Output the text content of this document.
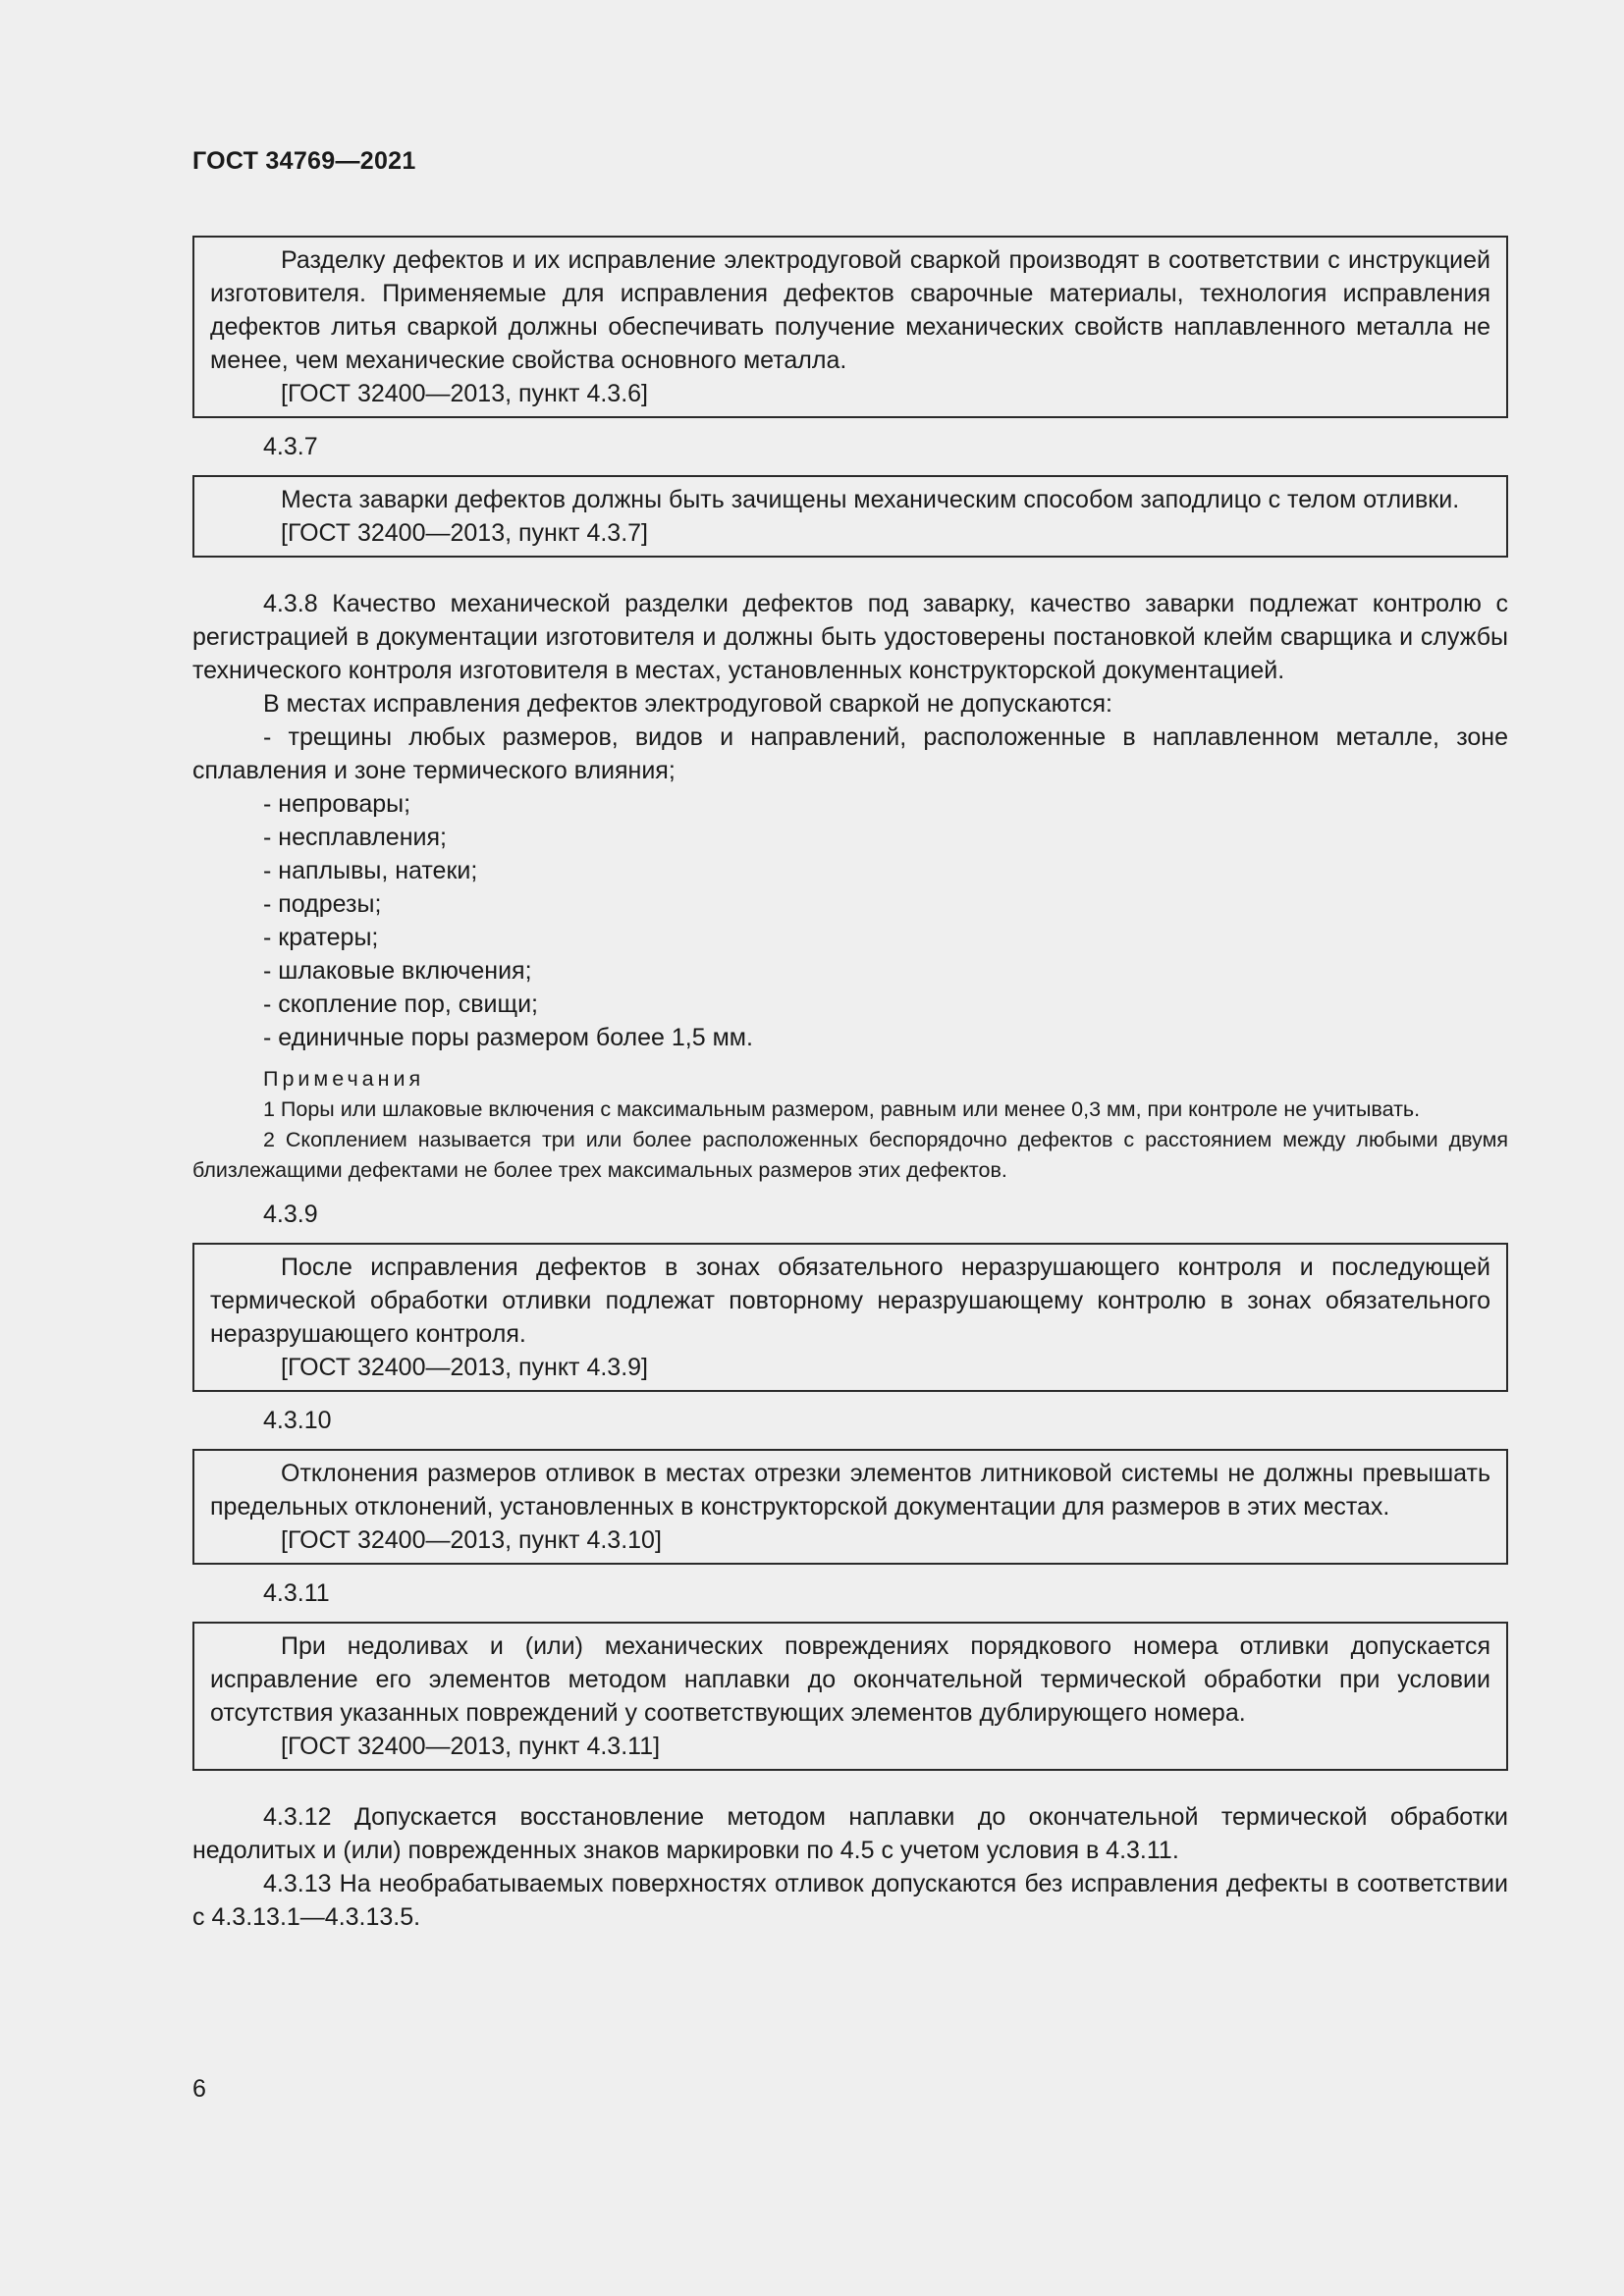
ГОСТ 34769—2021

Разделку дефектов и их исправление электродуговой сваркой производят в соответствии с инструкцией изготовителя. Применяемые для исправления дефектов сварочные материалы, технология исправления дефектов литья сваркой должны обеспечивать получение механических свойств наплавленного металла не менее, чем механические свойства основного металла.

[ГОСТ 32400—2013, пункт 4.3.6]

4.3.7

Места заварки дефектов должны быть зачищены механическим способом заподлицо с телом отливки.

[ГОСТ 32400—2013, пункт 4.3.7]

4.3.8 Качество механической разделки дефектов под заварку, качество заварки подлежат контролю с регистрацией в документации изготовителя и должны быть удостоверены постановкой клейм сварщика и службы технического контроля изготовителя в местах, установленных конструкторской документацией.

В местах исправления дефектов электродуговой сваркой не допускаются:

- трещины любых размеров, видов и направлений, расположенные в наплавленном металле, зоне сплавления и зоне термического влияния;

- непровары;

- несплавления;

- наплывы, натеки;

- подрезы;

- кратеры;

- шлаковые включения;

- скопление пор, свищи;

- единичные поры размером более 1,5 мм.

Примечания

1 Поры или шлаковые включения с максимальным размером, равным или менее 0,3 мм, при контроле не учитывать.

2 Скоплением называется три или более расположенных беспорядочно дефектов с расстоянием между любыми двумя близлежащими дефектами не более трех максимальных размеров этих дефектов.

4.3.9

После исправления дефектов в зонах обязательного неразрушающего контроля и последующей термической обработки отливки подлежат повторному неразрушающему контролю в зонах обязательного неразрушающего контроля.

[ГОСТ 32400—2013, пункт 4.3.9]

4.3.10

Отклонения размеров отливок в местах отрезки элементов литниковой системы не должны превышать предельных отклонений, установленных в конструкторской документации для размеров в этих местах.

[ГОСТ 32400—2013, пункт 4.3.10]

4.3.11

При недоливах и (или) механических повреждениях порядкового номера отливки допускается исправление его элементов методом наплавки до окончательной термической обработки при условии отсутствия указанных повреждений у соответствующих элементов дублирующего номера.

[ГОСТ 32400—2013, пункт 4.3.11]

4.3.12 Допускается восстановление методом наплавки до окончательной термической обработки недолитых и (или) поврежденных знаков маркировки по 4.5 с учетом условия в 4.3.11.

4.3.13 На необрабатываемых поверхностях отливок допускаются без исправления дефекты в соответствии с 4.3.13.1—4.3.13.5.

6
